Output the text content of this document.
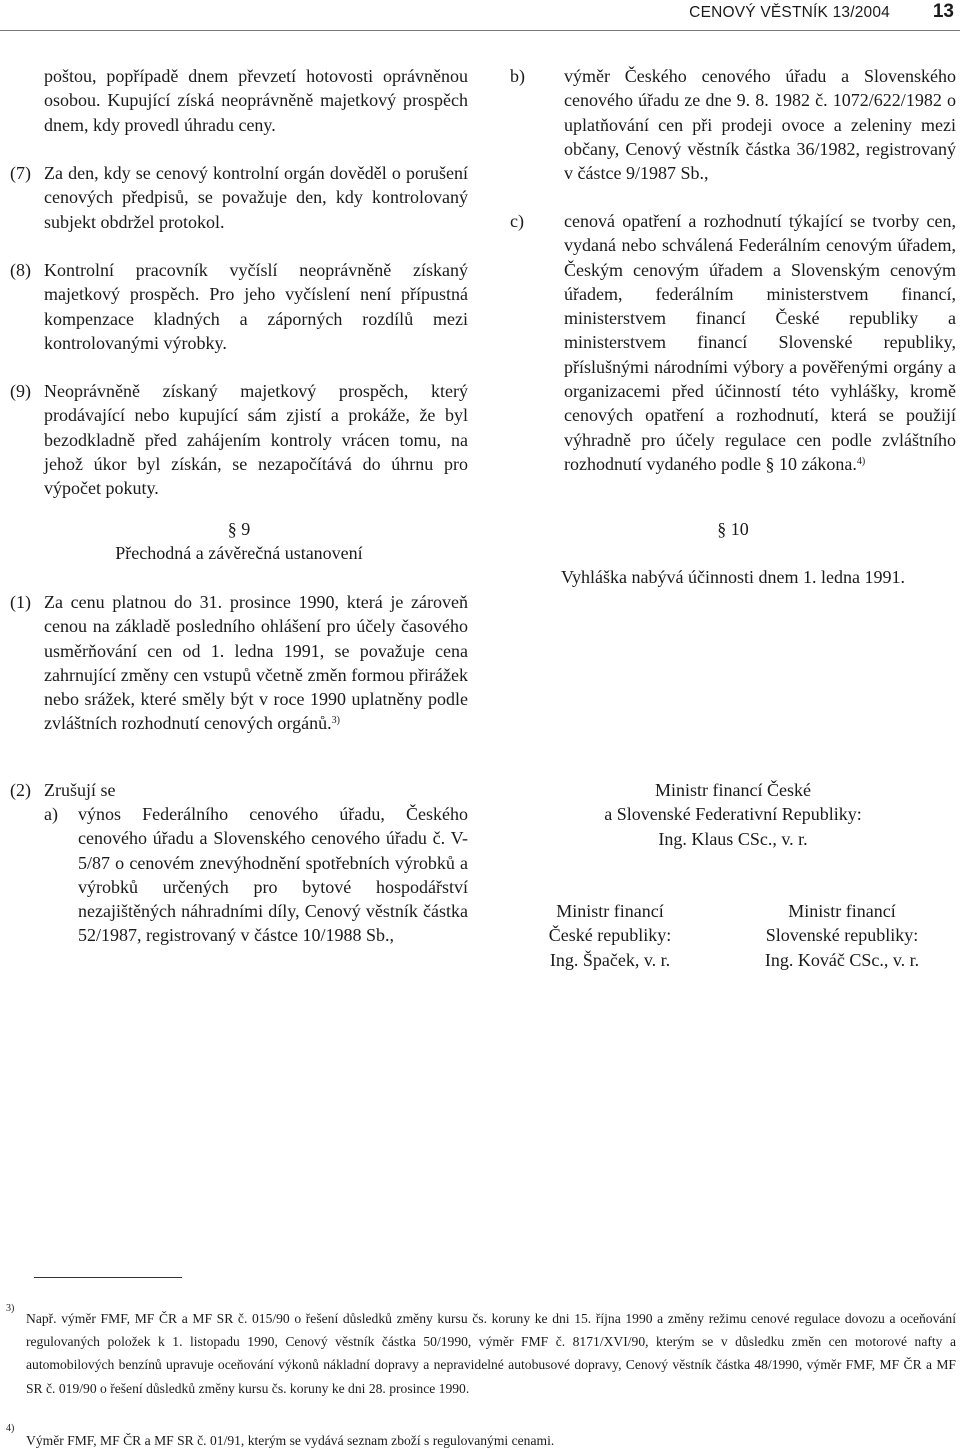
CENOVÝ VĚSTNÍK 13/2004 13

poštou, popřípadě dnem převzetí hotovosti oprávněnou osobou. Kupující získá neoprávněně majetkový prospěch dnem, kdy provedl úhradu ceny.

(7) Za den, kdy se cenový kontrolní orgán dověděl o porušení cenových předpisů, se považuje den, kdy kontrolovaný subjekt obdržel protokol.
(8) Kontrolní pracovník vyčíslí neoprávněně získaný majetkový prospěch. Pro jeho vyčíslení není přípustná kompenzace kladných a záporných rozdílů mezi kontrolovanými výrobky.
(9) Neoprávněně získaný majetkový prospěch, který prodávající nebo kupující sám zjistí a prokáže, že byl bezodkladně před zahájením kontroly vrácen tomu, na jehož úkor byl získán, se nezapočítává do úhrnu pro výpočet pokuty.
§ 9
Přechodná a závěrečná ustanovení
(1) Za cenu platnou do 31. prosince 1990, která je zároveň cenou na základě posledního ohlášení pro účely časového usměrňování cen od 1. ledna 1991, se považuje cena zahrnující změny cen vstupů včetně změn formou přirážek nebo srážek, které směly být v roce 1990 uplatněny podle zvláštních rozhodnutí cenových orgánů.$^{3)}$
(2) Zrušují se
a) výnos Federálního cenového úřadu, Českého cenového úřadu a Slovenského cenového úřadu č. V-5/87 o cenovém znevýhodnění spotřebních výrobků a výrobků určených pro bytové hospodářství nezajištěných náhradními díly, Cenový věstník částka 52/1987, registrovaný v částce 10/1988 Sb.,
b) výměr Českého cenového úřadu a Slovenského cenového úřadu ze dne 9. 8. 1982 č. 1072/622/1982 o uplatňování cen při prodeji ovoce a zeleniny mezi občany, Cenový věstník částka 36/1982, registrovaný v částce 9/1987 Sb.,
c) cenová opatření a rozhodnutí týkající se tvorby cen, vydaná nebo schválená Federálním cenovým úřadem, Českým cenovým úřadem a Slovenským cenovým úřadem, federálním ministerstvem financí, ministerstvem financí České republiky a ministerstvem financí Slovenské republiky, příslušnými národními výbory a pověřenými orgány a organizacemi před účinností této vyhlášky, kromě cenových opatření a rozhodnutí, která se použijí výhradně pro účely regulace cen podle zvláštního rozhodnutí vydaného podle § 10 zákona.$^{4)}$
§ 10
Vyhláška nabývá účinnosti dnem 1. ledna 1991.
Ministr financí České
a Slovenské Federativní Republiky:
Ing. Klaus CSc., v. r.
Ministr financí
České republiky:
Ing. Špaček, v. r.
Ministr financí
Slovenské republiky:
Ing. Kováč CSc., v. r.
3)
Např. výměr FMF, MF ČR a MF SR č. 015/90 o řešení důsledků změny kursu čs. koruny ke dni 15. října 1990 a změny režimu cenové regulace dovozu a oceňování regulovaných položek k 1. listopadu 1990, Cenový věstník částka 50/1990, výměr FMF č. 8171/XVI/90, kterým se v důsledku změn cen motorové nafty a automobilových benzínů upravuje oceňování výkonů nákladní dopravy a nepravidelné autobusové dopravy, Cenový věstník částka 48/1990, výměr FMF, MF ČR a MF SR č. 019/90 o řešení důsledků změny kursu čs. koruny ke dni 28. prosince 1990.
4)
Výměr FMF, MF ČR a MF SR č. 01/91, kterým se vydává seznam zboží s regulovanými cenami.
